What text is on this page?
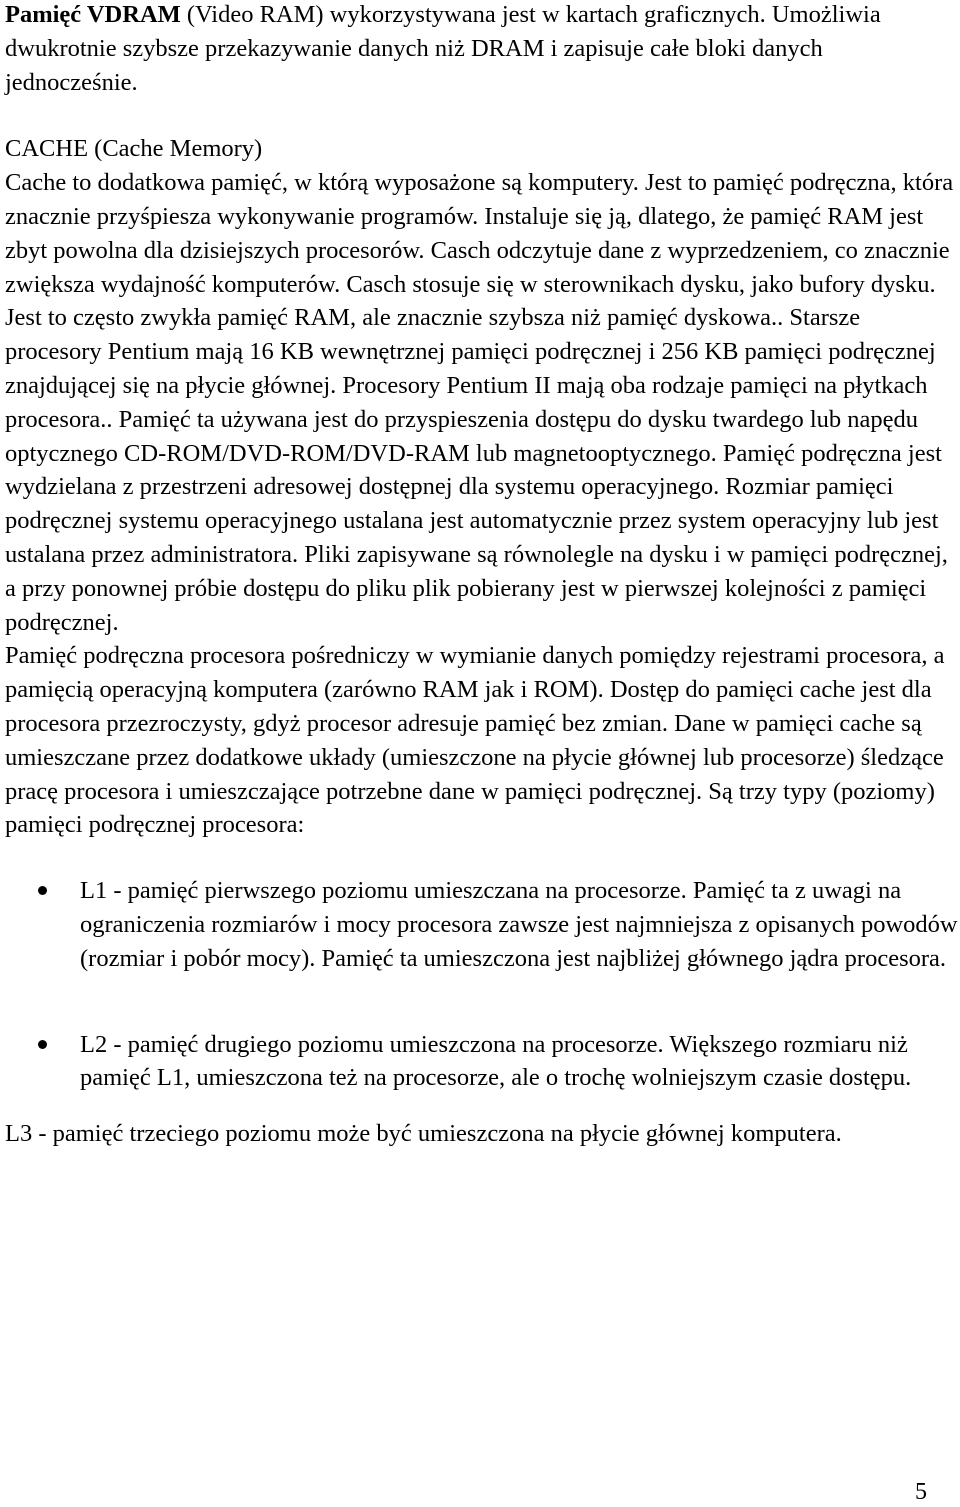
Pamięć VDRAM (Video RAM) wykorzystywana jest w kartach graficznych. Umożliwia dwukrotnie szybsze przekazywanie danych niż DRAM i zapisuje całe bloki danych jednocześnie.

CACHE (Cache Memory)

Cache to dodatkowa pamięć, w którą wyposażone są komputery. Jest to pamięć podręczna, która znacznie przyśpiesza wykonywanie programów. Instaluje się ją, dlatego, że pamięć RAM jest zbyt powolna dla dzisiejszych procesorów. Casch odczytuje dane z wyprzedzeniem, co znacznie zwiększa wydajność komputerów. Casch stosuje się w sterownikach dysku, jako bufory dysku. Jest to często zwykła pamięć RAM, ale znacznie szybsza niż pamięć dyskowa.. Starsze procesory Pentium mają 16 KB wewnętrznej pamięci podręcznej i 256 KB pamięci podręcznej znajdującej się na płycie głównej. Procesory Pentium II mają oba rodzaje pamięci na płytkach procesora.. Pamięć ta używana jest do przyspieszenia dostępu do dysku twardego lub napędu optycznego CD-ROM/DVD-ROM/DVD-RAM lub magnetooptycznego. Pamięć podręczna jest wydzielana z przestrzeni adresowej dostępnej dla systemu operacyjnego. Rozmiar pamięci podręcznej systemu operacyjnego ustalana jest automatycznie przez system operacyjny lub jest ustalana przez administratora. Pliki zapisywane są równolegle na dysku i w pamięci podręcznej, a przy ponownej próbie dostępu do pliku plik pobierany jest w pierwszej kolejności z pamięci podręcznej.

Pamięć podręczna procesora pośredniczy w wymianie danych pomiędzy rejestrami procesora, a pamięcią operacyjną komputera (zarówno RAM jak i ROM). Dostęp do pamięci cache jest dla procesora przezroczysty, gdyż procesor adresuje pamięć bez zmian. Dane w pamięci cache są umieszczane przez dodatkowe układy (umieszczone na płycie głównej lub procesorze) śledzące pracę procesora i umieszczające potrzebne dane w pamięci podręcznej. Są trzy typy (poziomy) pamięci podręcznej procesora:

L1 - pamięć pierwszego poziomu umieszczana na procesorze. Pamięć ta z uwagi na ograniczenia rozmiarów i mocy procesora zawsze jest najmniejsza z opisanych powodów (rozmiar i pobór mocy). Pamięć ta umieszczona jest najbliżej głównego jądra procesora.
L2 - pamięć drugiego poziomu umieszczona na procesorze. Większego rozmiaru niż pamięć L1, umieszczona też na procesorze, ale o trochę wolniejszym czasie dostępu.

L3 - pamięć trzeciego poziomu może być umieszczona na płycie głównej komputera.

5
